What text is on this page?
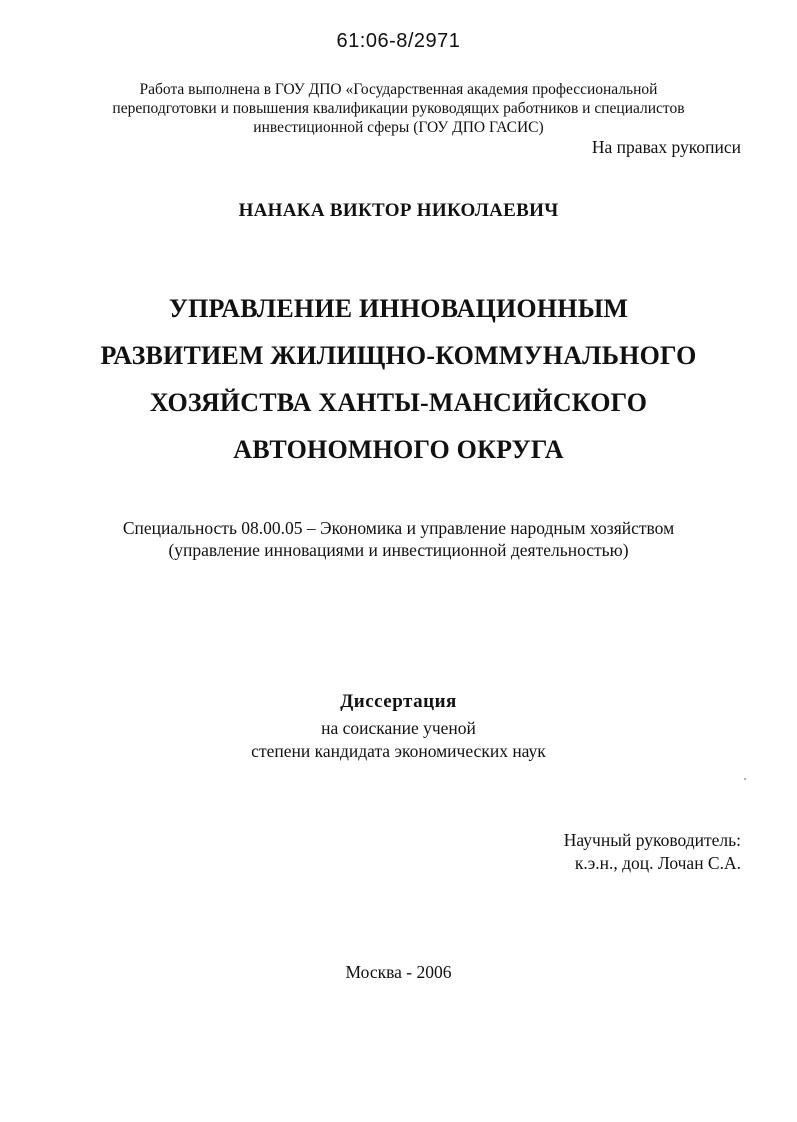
61:06-8/2971
Работа выполнена в ГОУ ДПО «Государственная академия профессиональной
переподготовки и повышения квалификации руководящих работников и специалистов
инвестиционной сферы (ГОУ ДПО ГАСИС)
На правах рукописи
НАНАКА ВИКТОР НИКОЛАЕВИЧ
УПРАВЛЕНИЕ ИННОВАЦИОННЫМ
РАЗВИТИЕМ ЖИЛИЩНО-КОММУНАЛЬНОГО
ХОЗЯЙСТВА ХАНТЫ-МАНСИЙСКОГО
АВТОНОМНОГО ОКРУГА
Специальность 08.00.05 – Экономика и управление народным хозяйством
(управление инновациями и инвестиционной деятельностью)
Диссертация
на соискание ученой
степени кандидата экономических наук
Научный руководитель:
к.э.н., доц. Лочан С.А.
Москва - 2006
